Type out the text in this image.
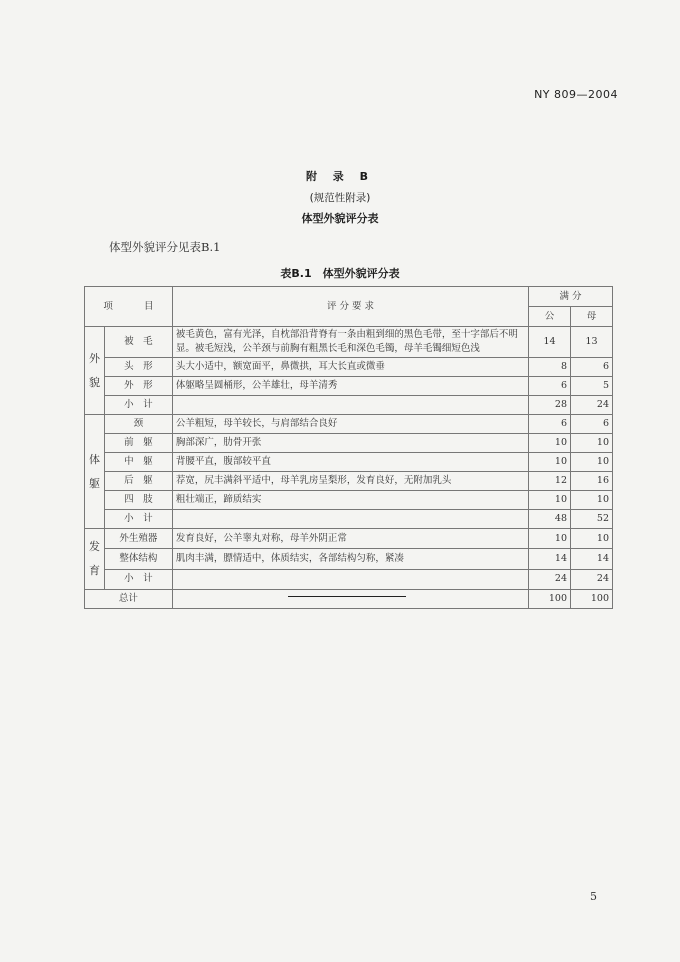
NY 809—2004
附 录 B
(规范性附录)
体型外貌评分表
体型外貌评分见表B.1
表B.1　体型外貌评分表
项 目		评 分 要 求	满 分	
			公	母

外
貌	被　毛	被毛黄色，富有光泽，自枕部沿背脊有一条由粗到细的黑色毛带，至十字部后不明显。被毛短浅，公羊颈与前胸有粗黑长毛和深色毛镯，母羊毛镯细短色浅	14	13
	头　形	头大小适中，额宽面平，鼻微拱，耳大长直或微垂	8	6
	外　形	体躯略呈圆桶形，公羊雄壮，母羊清秀	6	5
	小　计		28	24

体
躯	颈	公羊粗短，母羊较长，与肩部结合良好	6	6
	前　躯	胸部深广，肋骨开张	10	10
	中　躯	背腰平直，腹部较平直	10	10
	后　躯	荐宽，尻丰满斜平适中，母羊乳房呈梨形，发育良好，无附加乳头	12	16
	四　肢	粗壮端正，蹄质结实	10	10
	小　计		48	52

发
育	外生殖器	发育良好，公羊睾丸对称，母羊外阴正常	10	10
	整体结构	肌肉丰满，膘情适中，体质结实，各部结构匀称，紧凑	14	14
	小　计		24	24
总计			100	100
5
